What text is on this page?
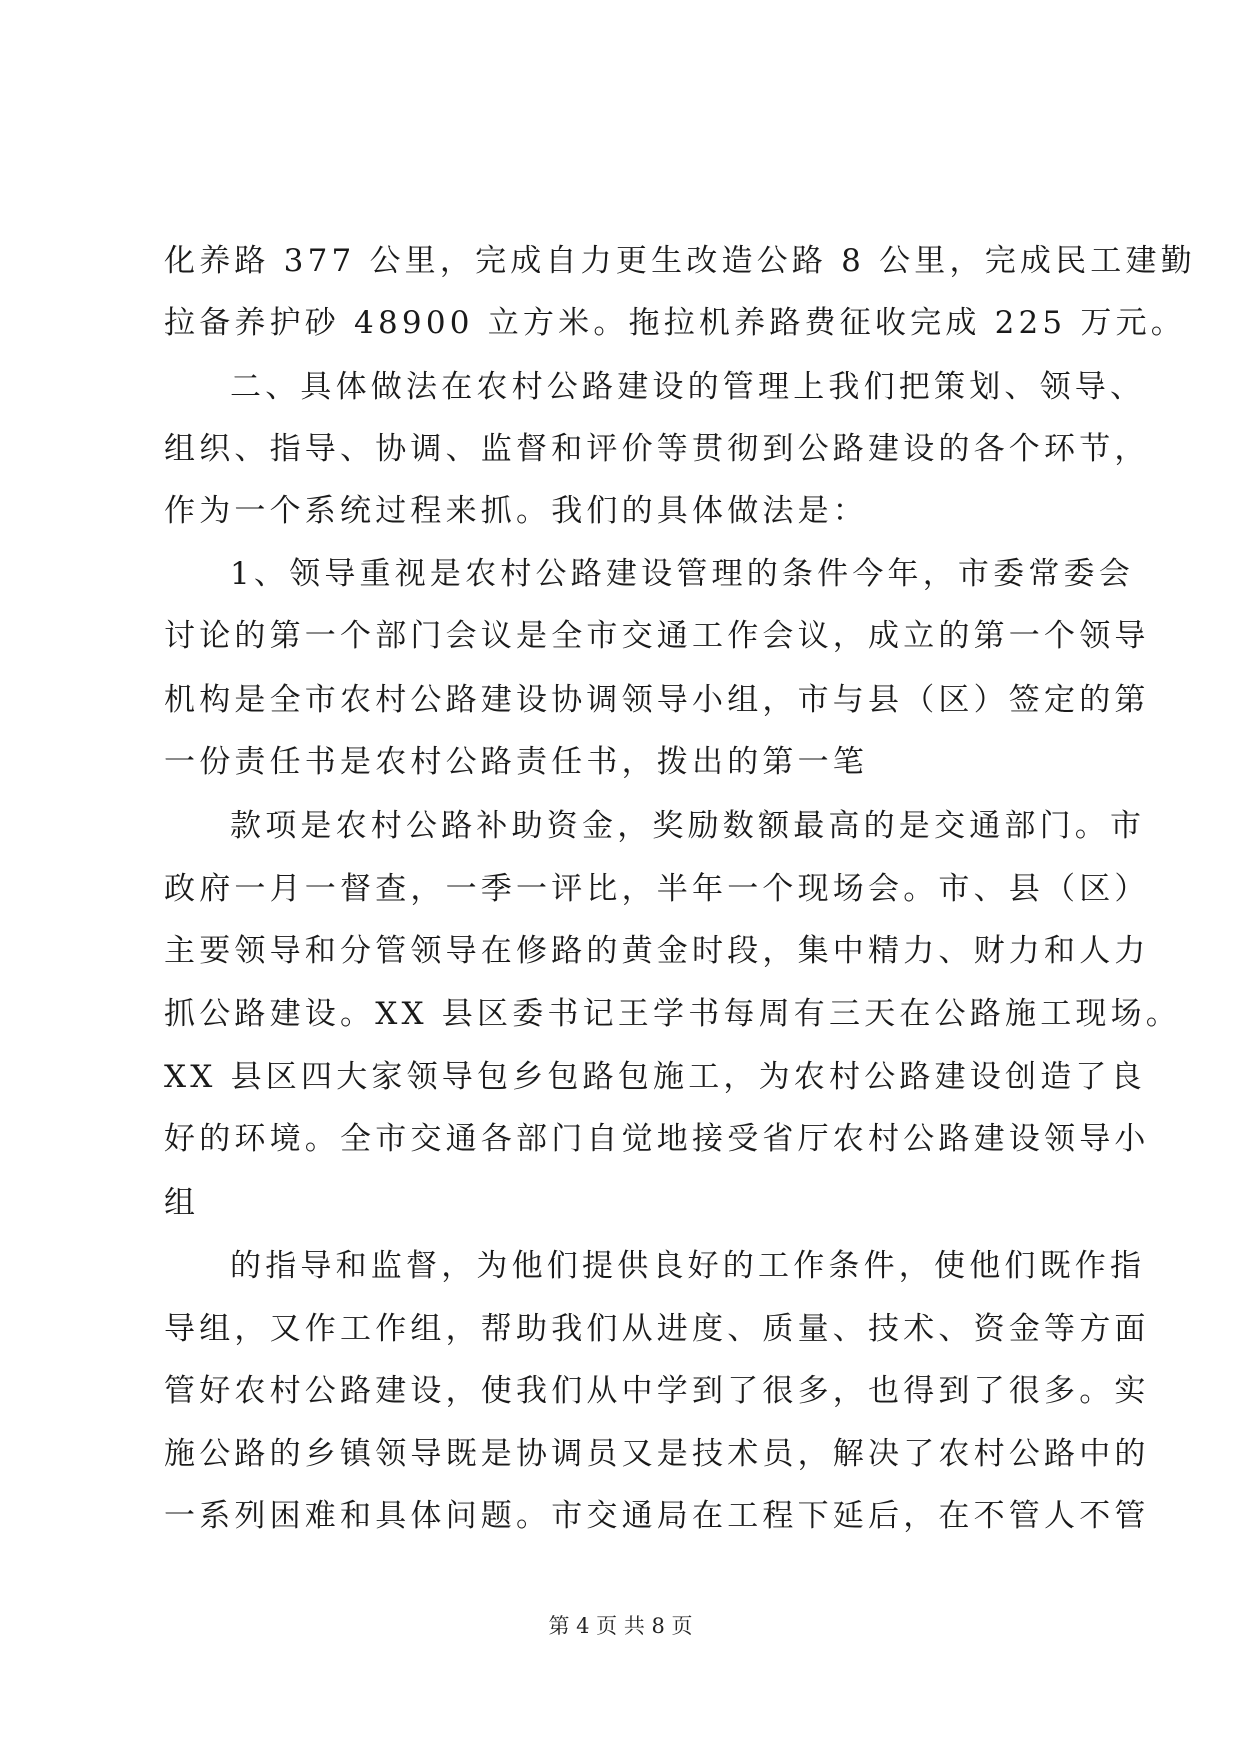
化养路 377 公里，完成自力更生改造公路 8 公里，完成民工建勤
拉备养护砂 48900 立方米。拖拉机养路费征收完成 225 万元。
二、具体做法在农村公路建设的管理上我们把策划、领导、
组织、指导、协调、监督和评价等贯彻到公路建设的各个环节，
作为一个系统过程来抓。我们的具体做法是：
1、领导重视是农村公路建设管理的条件今年，市委常委会
讨论的第一个部门会议是全市交通工作会议，成立的第一个领导
机构是全市农村公路建设协调领导小组，市与县（区）签定的第
一份责任书是农村公路责任书，拨出的第一笔
款项是农村公路补助资金，奖励数额最高的是交通部门。市
政府一月一督查，一季一评比，半年一个现场会。市、县（区）
主要领导和分管领导在修路的黄金时段，集中精力、财力和人力
抓公路建设。XX 县区委书记王学书每周有三天在公路施工现场。
XX 县区四大家领导包乡包路包施工，为农村公路建设创造了良
好的环境。全市交通各部门自觉地接受省厅农村公路建设领导小
组
的指导和监督，为他们提供良好的工作条件，使他们既作指
导组，又作工作组，帮助我们从进度、质量、技术、资金等方面
管好农村公路建设，使我们从中学到了很多，也得到了很多。实
施公路的乡镇领导既是协调员又是技术员，解决了农村公路中的
一系列困难和具体问题。市交通局在工程下延后，在不管人不管
第 4 页 共 8 页
